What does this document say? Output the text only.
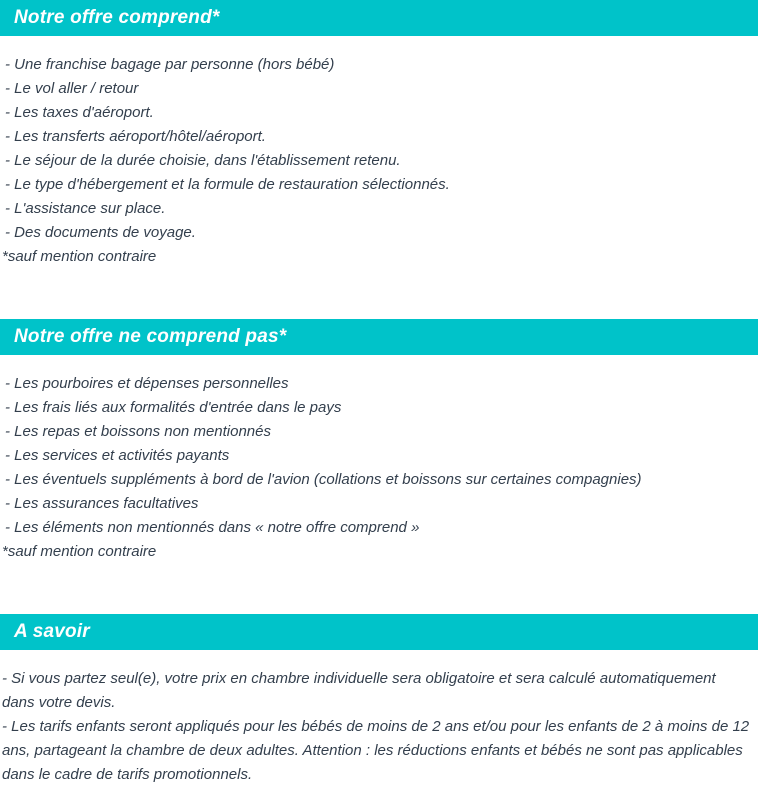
Notre offre comprend*
- Une franchise bagage par personne (hors bébé)
- Le vol aller / retour
- Les taxes d'aéroport.
- Les transferts aéroport/hôtel/aéroport.
- Le séjour de la durée choisie, dans l'établissement retenu.
- Le type d'hébergement et la formule de restauration sélectionnés.
- L'assistance sur place.
- Des documents de voyage.

*sauf mention contraire

Notre offre ne comprend pas*
- Les pourboires et dépenses personnelles
- Les frais liés aux formalités d'entrée dans le pays
- Les repas et boissons non mentionnés
- Les services et activités payants
- Les éventuels suppléments à bord de l'avion (collations et boissons sur certaines compagnies)
- Les assurances facultatives
- Les éléments non mentionnés dans « notre offre comprend »

*sauf mention contraire

A savoir

- Si vous partez seul(e), votre prix en chambre individuelle sera obligatoire et sera calculé automatiquement dans votre devis.

- Les tarifs enfants seront appliqués pour les bébés de moins de 2 ans et/ou pour les enfants de 2 à moins de 12 ans, partageant la chambre de deux adultes. Attention : les réductions enfants et bébés ne sont pas applicables dans le cadre de tarifs promotionnels.
